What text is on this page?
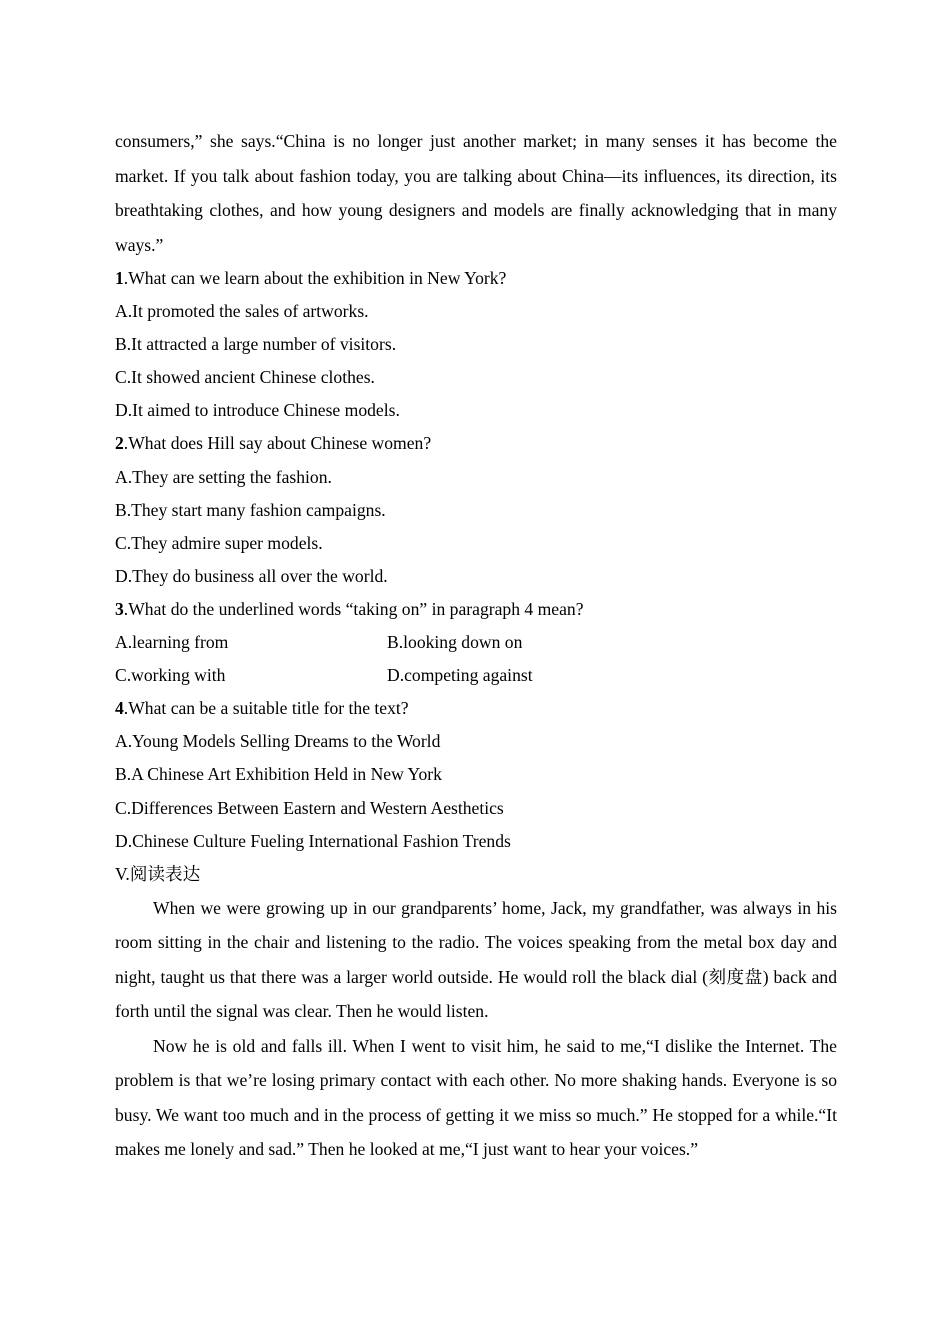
consumers,” she says.“China is no longer just another market; in many senses it has become the market. If you talk about fashion today, you are talking about China—its influences, its direction, its breathtaking clothes, and how young designers and models are finally acknowledging that in many ways.”

1.What can we learn about the exhibition in New York?

A.It promoted the sales of artworks.

B.It attracted a large number of visitors.

C.It showed ancient Chinese clothes.

D.It aimed to introduce Chinese models.

2.What does Hill say about Chinese women?

A.They are setting the fashion.

B.They start many fashion campaigns.

C.They admire super models.

D.They do business all over the world.

3.What do the underlined words “taking on” in paragraph 4 mean?

A.learning from	B.looking down on
C.working with	D.competing against

4.What can be a suitable title for the text?

A.Young Models Selling Dreams to the World

B.A Chinese Art Exhibition Held in New York

C.Differences Between Eastern and Western Aesthetics

D.Chinese Culture Fueling International Fashion Trends

V.阅读表达

When we were growing up in our grandparents’ home, Jack, my grandfather, was always in his room sitting in the chair and listening to the radio. The voices speaking from the metal box day and night, taught us that there was a larger world outside. He would roll the black dial (刻度盘) back and forth until the signal was clear. Then he would listen.

Now he is old and falls ill. When I went to visit him, he said to me,“I dislike the Internet. The problem is that we’re losing primary contact with each other. No more shaking hands. Everyone is so busy. We want too much and in the process of getting it we miss so much.” He stopped for a while.“It makes me lonely and sad.” Then he looked at me,“I just want to hear your voices.”
